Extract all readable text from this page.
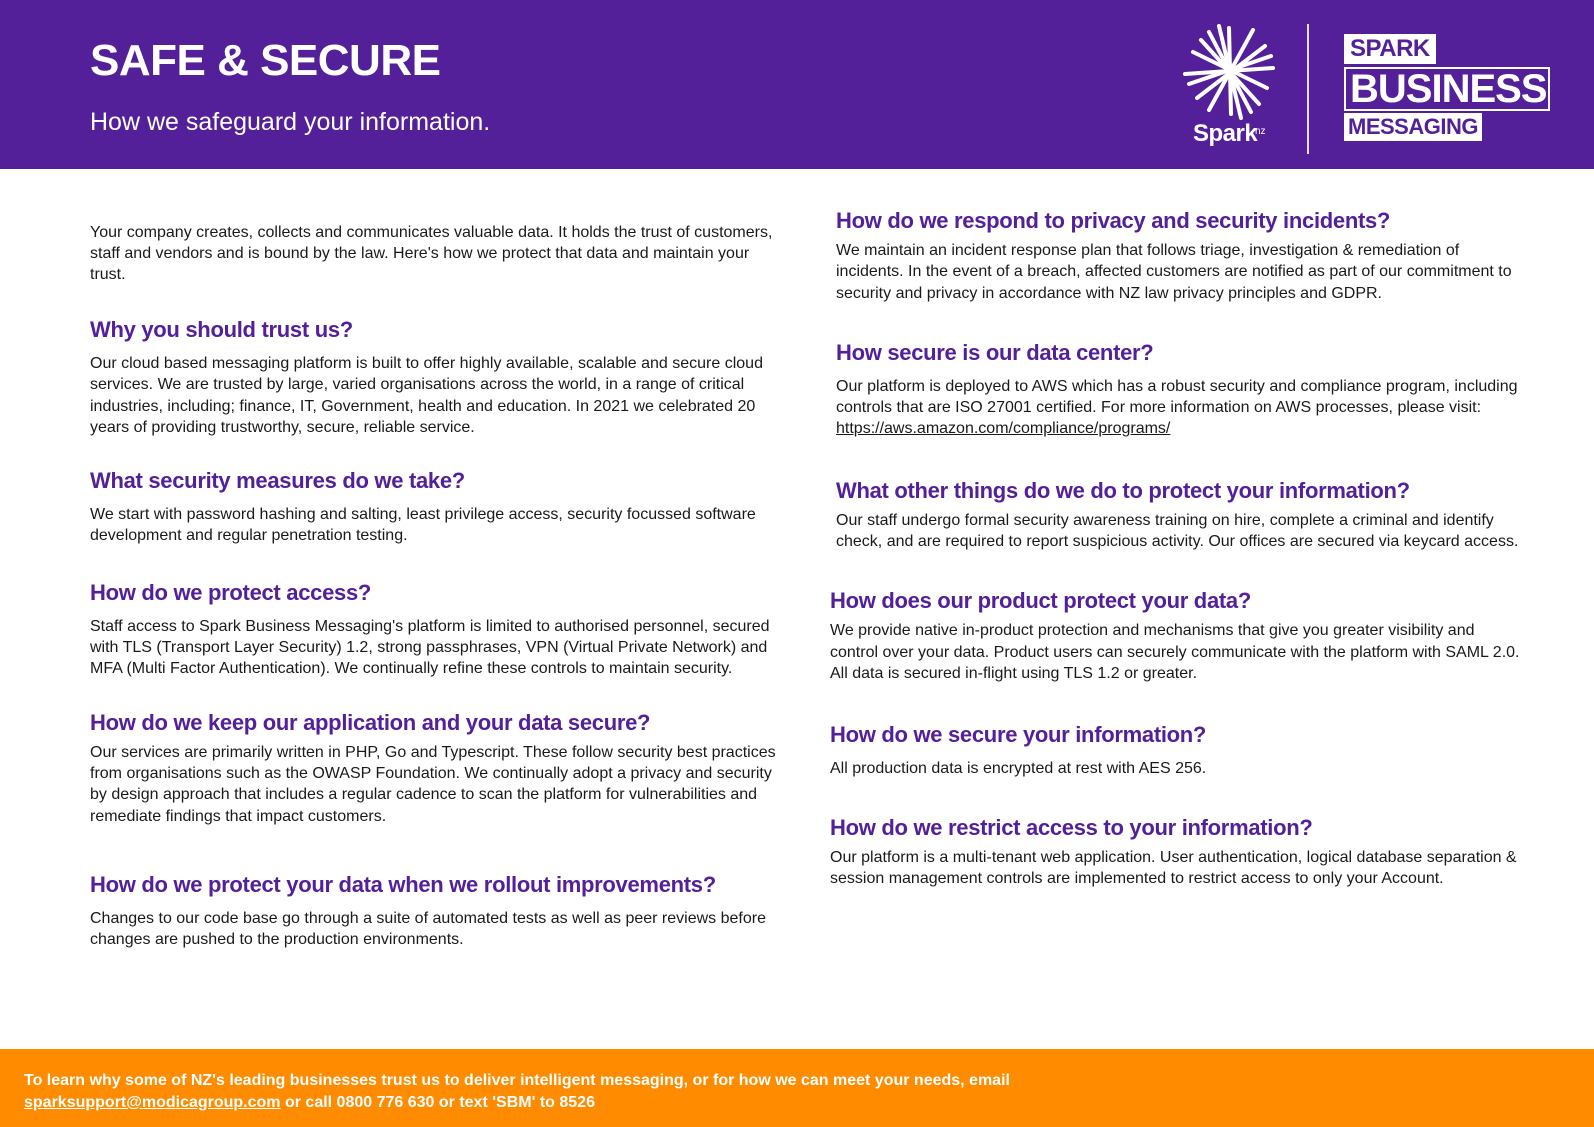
SAFE & SECURE
How we safeguard your information.	Spark
nz
SPARK
BUSINESS
MESSAGING

Your company creates, collects and communicates valuable data. It holds the trust of customers, staff and vendors and is bound by the law. Here's how we protect that data and maintain your trust.

Why you should trust us?

Our cloud based messaging platform is built to offer highly available, scalable and secure cloud services. We are trusted by large, varied organisations across the world, in a range of critical industries, including; finance, IT, Government, health and education. In 2021 we celebrated 20 years of providing trustworthy, secure, reliable service.

What security measures do we take?

We start with password hashing and salting, least privilege access, security focussed software development and regular penetration testing.

How do we protect access?

Staff access to Spark Business Messaging's platform is limited to authorised personnel, secured with TLS (Transport Layer Security) 1.2, strong passphrases, VPN (Virtual Private Network) and MFA (Multi Factor Authentication). We continually refine these controls to maintain security.

How do we keep our application and your data secure?

Our services are primarily written in PHP, Go and Typescript. These follow security best practices from organisations such as the OWASP Foundation. We continually adopt a privacy and security by design approach that includes a regular cadence to scan the platform for vulnerabilities and remediate findings that impact customers.

How do we protect your data when we rollout improvements?

Changes to our code base go through a suite of automated tests as well as peer reviews before changes are pushed to the production environments.

How do we respond to privacy and security incidents?

We maintain an incident response plan that follows triage, investigation & remediation of incidents. In the event of a breach, affected customers are notified as part of our commitment to security and privacy in accordance with NZ law privacy principles and GDPR.

How secure is our data center?

Our platform is deployed to AWS which has a robust security and compliance program, including controls that are ISO 27001 certified. For more information on AWS processes, please visit: https://aws.amazon.com/compliance/programs/

What other things do we do to protect your information?

Our staff undergo formal security awareness training on hire, complete a criminal and identify check, and are required to report suspicious activity. Our offices are secured via keycard access.

How does our product protect your data?

We provide native in-product protection and mechanisms that give you greater visibility and control over your data. Product users can securely communicate with the platform with SAML 2.0. All data is secured in-flight using TLS 1.2 or greater.

How do we secure your information?

All production data is encrypted at rest with AES 256.

How do we restrict access to your information?

Our platform is a multi-tenant web application. User authentication, logical database separation & session management controls are implemented to restrict access to only your Account.

To learn why some of NZ's leading businesses trust us to deliver intelligent messaging, or for how we can meet your needs, email
sparksupport@modicagroup.com or call 0800 776 630 or text 'SBM' to 8526
